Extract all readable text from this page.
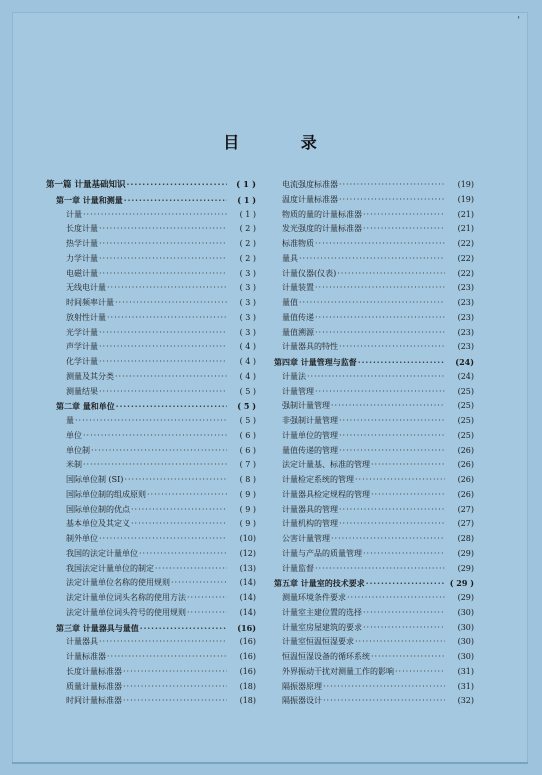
'
目 录
第一篇 计量基础知识 ·····	( 1 )
第一章 计量和测量 ·····	( 1 )
计量 ·····	( 1 )
长度计量 ·····	( 2 )
热学计量 ·····	( 2 )
力学计量 ·····	( 2 )
电磁计量 ·····	( 3 )
无线电计量 ·····	( 3 )
时间频率计量 ·····	( 3 )
放射性计量 ·····	( 3 )
光学计量 ·····	( 3 )
声学计量 ·····	( 4 )
化学计量 ·····	( 4 )
测量及其分类 ·····	( 4 )
测量结果 ·····	( 5 )
第二章 量和单位 ·····	( 5 )
量 ·····	( 5 )
单位 ·····	( 6 )
单位制 ·····	( 6 )
米制 ·····	( 7 )
国际单位制 (SI) ·····	( 8 )
国际单位制的组成原则 ·····	( 9 )
国际单位制的优点 ·····	( 9 )
基本单位及其定义 ·····	( 9 )
制外单位 ·····	(10)
我国的法定计量单位 ·····	(12)
我国法定计量单位的制定 ·····	(13)
法定计量单位名称的使用规则 ·····	(14)
法定计量单位词头名称的使用方法 ·····	(14)
法定计量单位词头符号的使用规则 ·····	(14)
第三章 计量器具与量值 ·····	(16)
计量器具 ·····	(16)
计量标准器 ·····	(16)
长度计量标准器 ·····	(16)
质量计量标准器 ·····	(18)
时间计量标准器 ·····	(18)
电流强度标准器 ·····	(19)
温度计量标准器 ·····	(19)
物质的量的计量标准器 ·····	(21)
发光强度的计量标准器 ·····	(21)
标准物质 ·····	(22)
量具 ·····	(22)
计量仪器(仪表) ·····	(22)
计量装置 ·····	(23)
量值 ·····	(23)
量值传递 ·····	(23)
量值溯源 ·····	(23)
计量器具的特性 ·····	(23)
第四章 计量管理与监督 ·····	(24)
计量法 ·····	(24)
计量管理 ·····	(25)
强制计量管理 ·····	(25)
非强制计量管理 ·····	(25)
计量单位的管理 ·····	(25)
量值传递的管理 ·····	(26)
法定计量基、标准的管理 ·····	(26)
计量检定系统的管理 ·····	(26)
计量器具检定规程的管理 ·····	(26)
计量器具的管理 ·····	(27)
计量机构的管理 ·····	(27)
公害计量管理 ·····	(28)
计量与产品的质量管理 ·····	(29)
计量监督 ·····	(29)
第五章 计量室的技术要求 ·····	( 29 )
测量环境条件要求 ·····	(29)
计量室主建位置的选择 ·····	(30)
计量室房屋建筑的要求 ·····	(30)
计量室恒温恒湿要求 ·····	(30)
恒温恒湿设备的循环系统 ·····	(30)
外界振动干扰对测量工作的影响 ·····	(31)
隔振器原理 ·····	(31)
隔振器设计 ·····	(32)
